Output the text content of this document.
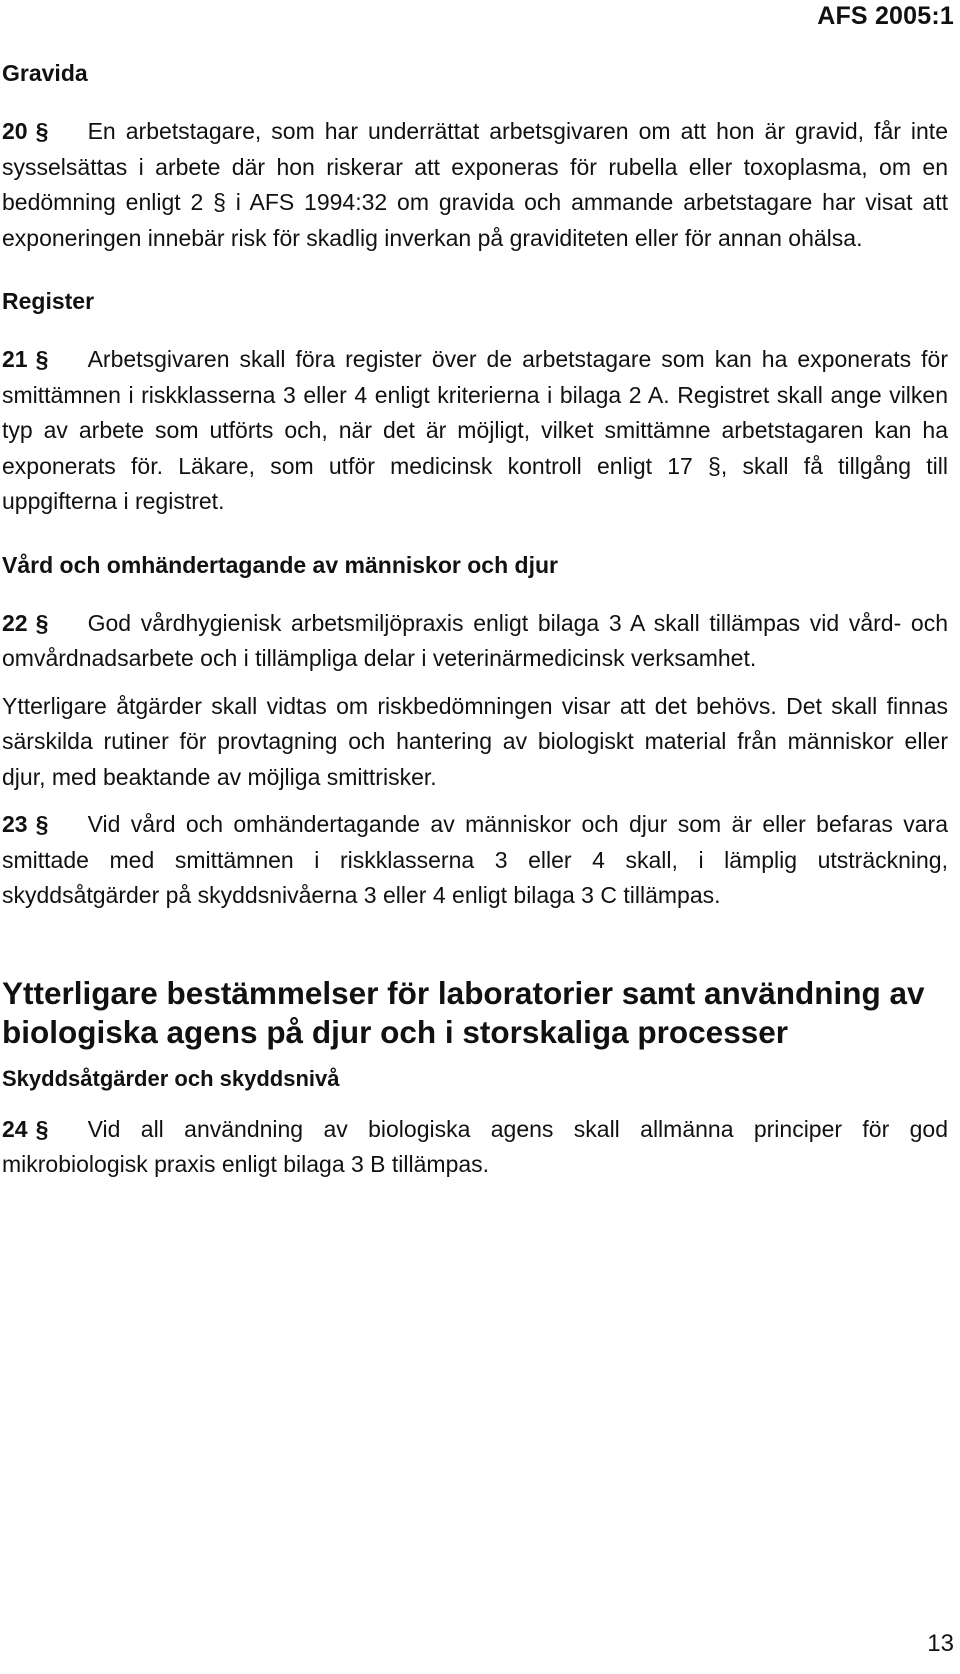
AFS 2005:1
Gravida

20 § En arbetstagare, som har underrättat arbetsgivaren om att hon är gravid, får inte sysselsättas i arbete där hon riskerar att exponeras för rubella eller toxoplasma, om en bedömning enligt 2 § i AFS 1994:32 om gravida och ammande arbetstagare har visat att exponeringen innebär risk för skadlig inverkan på graviditeten eller för annan ohälsa.

Register

21 § Arbetsgivaren skall föra register över de arbetstagare som kan ha exponerats för smittämnen i riskklasserna 3 eller 4 enligt kriterierna i bilaga 2 A. Registret skall ange vilken typ av arbete som utförts och, när det är möjligt, vilket smittämne arbetstagaren kan ha exponerats för. Läkare, som utför medicinsk kontroll enligt 17 §, skall få tillgång till uppgifterna i registret.

Vård och omhändertagande av människor och djur

22 § God vårdhygienisk arbetsmiljöpraxis enligt bilaga 3 A skall tillämpas vid vård- och omvårdnadsarbete och i tillämpliga delar i veterinärmedicinsk verksamhet.

Ytterligare åtgärder skall vidtas om riskbedömningen visar att det behövs. Det skall finnas särskilda rutiner för provtagning och hantering av biologiskt material från människor eller djur, med beaktande av möjliga smittrisker.

23 § Vid vård och omhändertagande av människor och djur som är eller befaras vara smittade med smittämnen i riskklasserna 3 eller 4 skall, i lämplig utsträckning, skyddsåtgärder på skyddsnivåerna 3 eller 4 enligt bilaga 3 C tillämpas.

Ytterligare bestämmelser för laboratorier samt användning av biologiska agens på djur och i storskaliga processer
Skyddsåtgärder och skyddsnivå

24 § Vid all användning av biologiska agens skall allmänna principer för god mikrobiologisk praxis enligt bilaga 3 B tillämpas.

13
